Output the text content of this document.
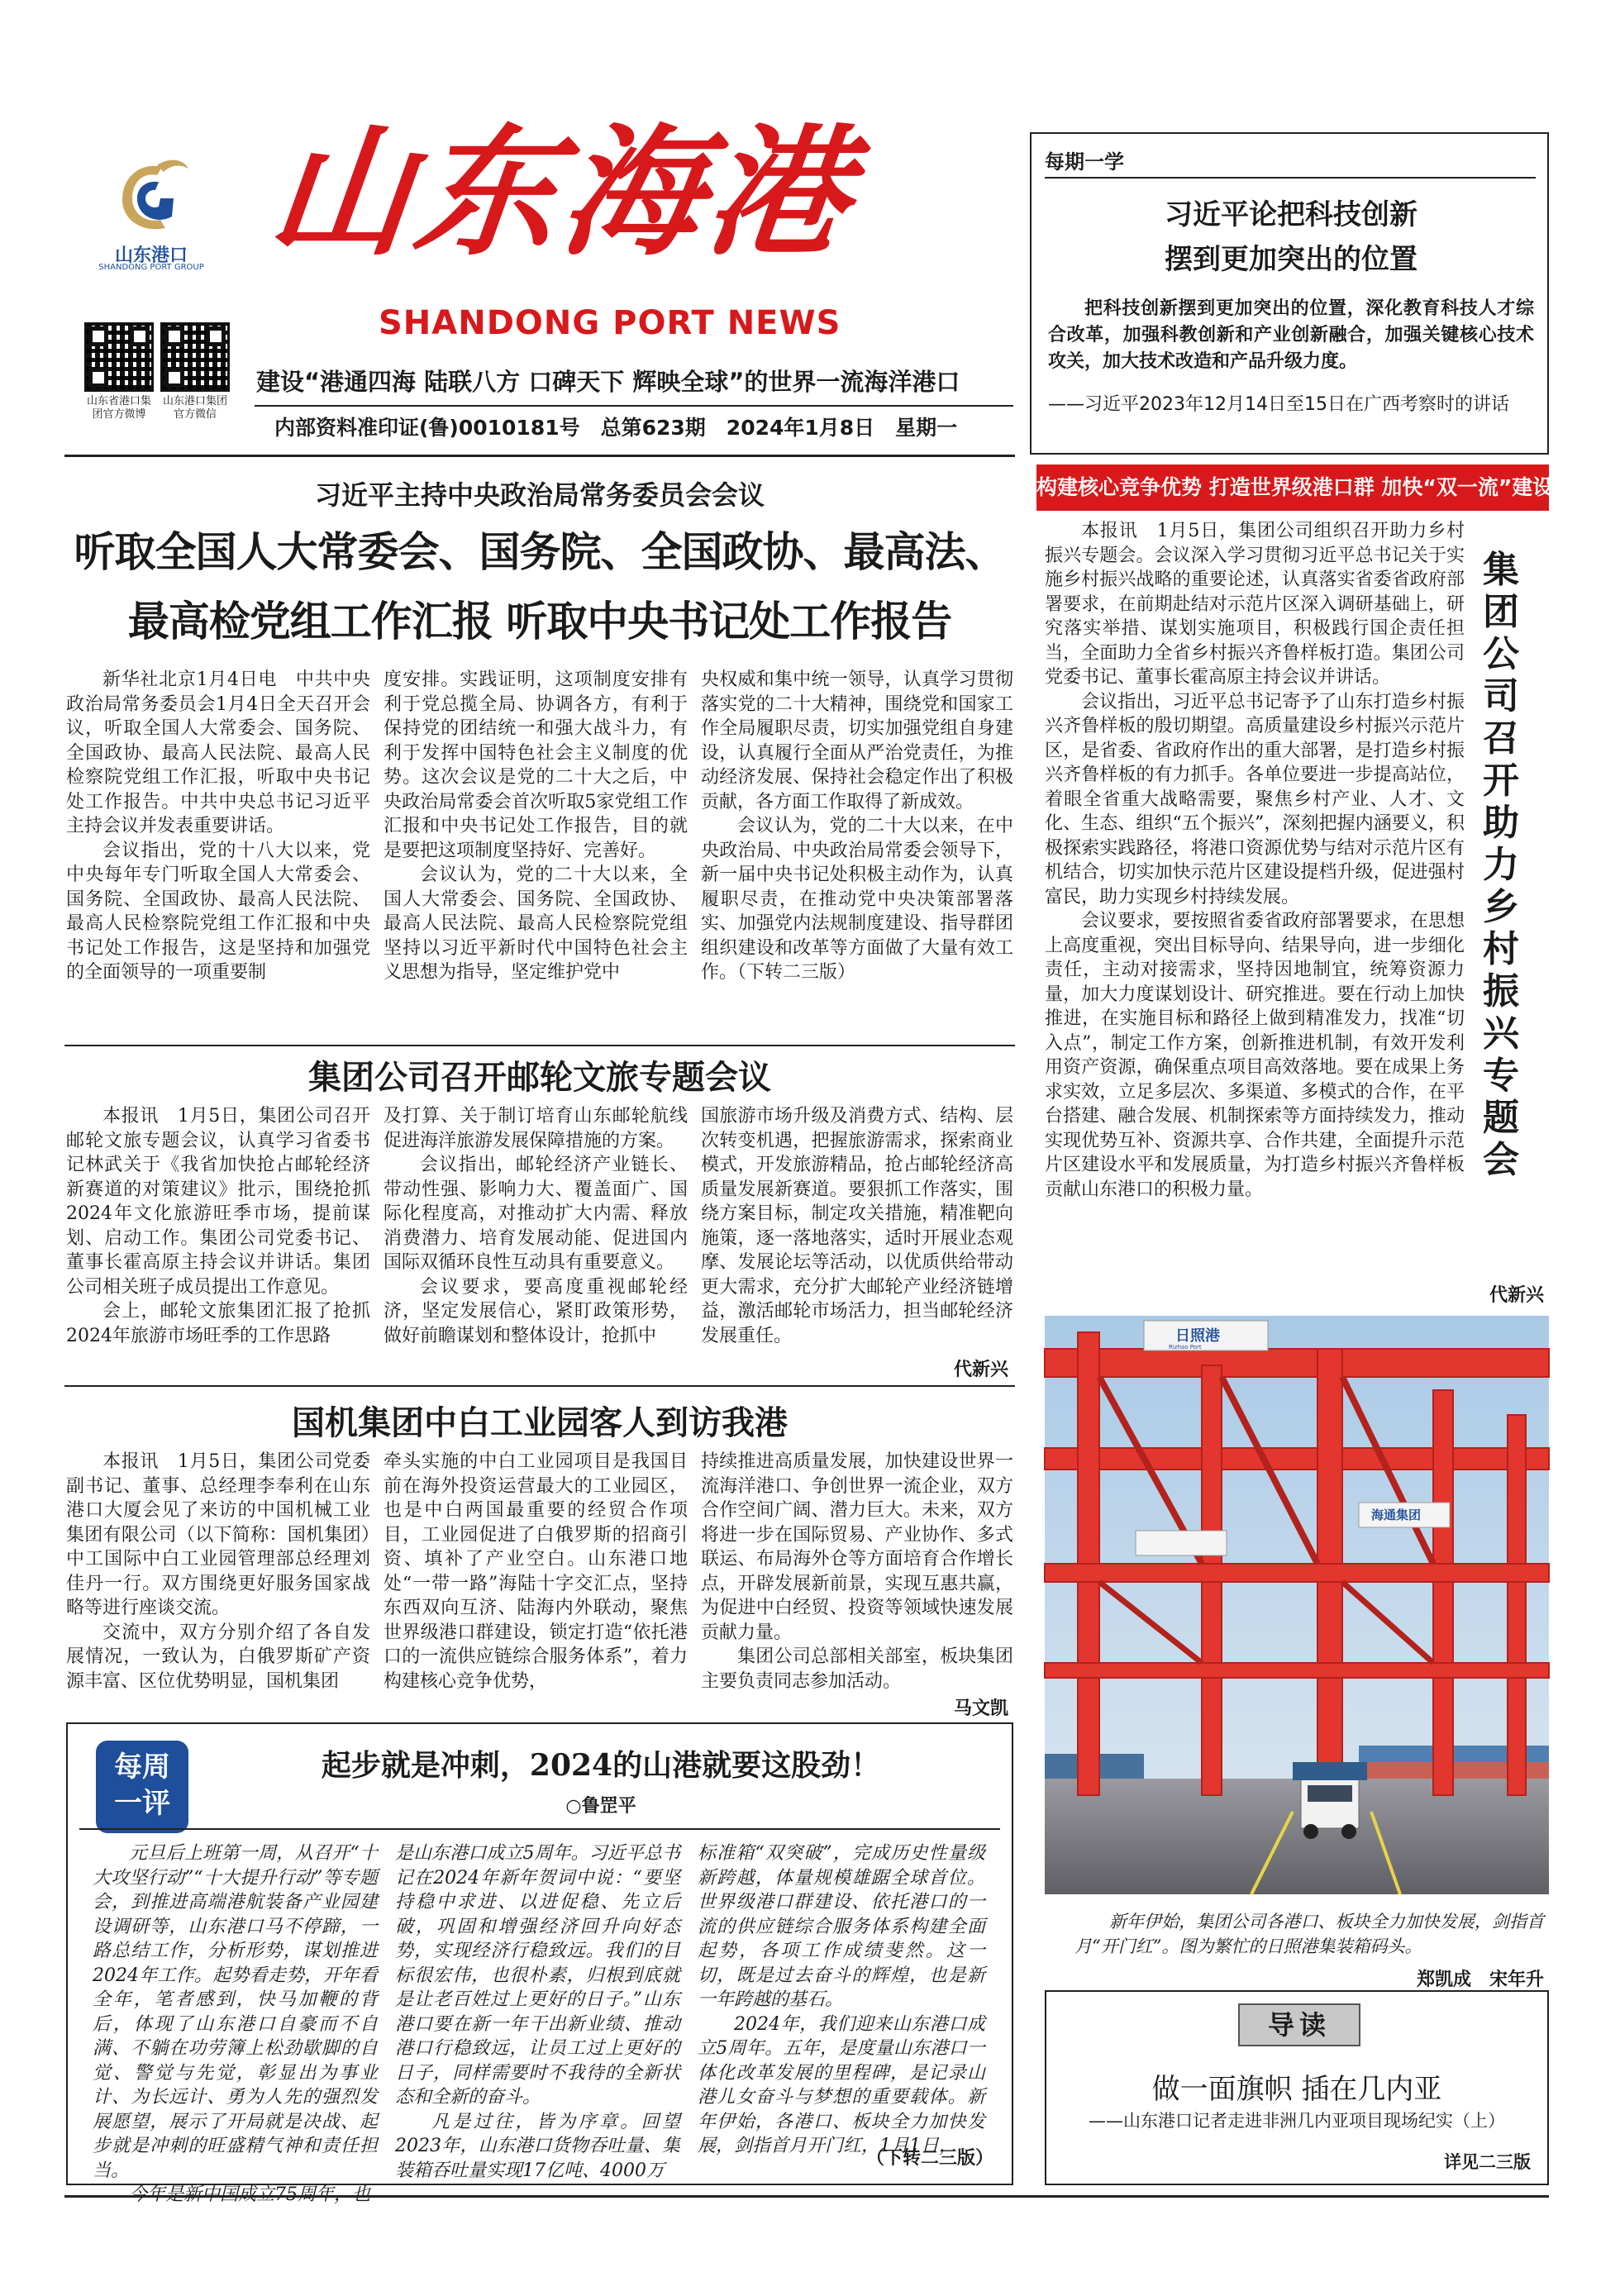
山东港口
SHANDONG PORT GROUP 山东海港
SHANDONG PORT NEWS
山东省港口集团官方微博
山东港口集团官方微信
建设“港通四海 陆联八方 口碑天下 辉映全球”的世界一流海洋港口
内部资料准印证(鲁)0010181号　总第623期　2024年1月8日　星期一
每期一学
习近平论把科技创新
摆到更加突出的位置

把科技创新摆到更加突出的位置，深化教育科技人才综合改革，加强科教创新和产业创新融合，加强关键核心技术攻关，加大技术改造和产品升级力度。

——习近平2023年12月14日至15日在广西考察时的讲话

构建核心竞争优势 打造世界级港口群 加快“双一流”建设
习近平主持中央政治局常务委员会会议
听取全国人大常委会、国务院、全国政协、最高法、
最高检党组工作汇报 听取中央书记处工作报告

新华社北京1月4日电　中共中央政治局常务委员会1月4日全天召开会议，听取全国人大常委会、国务院、全国政协、最高人民法院、最高人民检察院党组工作汇报，听取中央书记处工作报告。中共中央总书记习近平主持会议并发表重要讲话。

会议指出，党的十八大以来，党中央每年专门听取全国人大常委会、国务院、全国政协、最高人民法院、最高人民检察院党组工作汇报和中央书记处工作报告，这是坚持和加强党的全面领导的一项重要制

度安排。实践证明，这项制度安排有利于党总揽全局、协调各方，有利于保持党的团结统一和强大战斗力，有利于发挥中国特色社会主义制度的优势。这次会议是党的二十大之后，中央政治局常委会首次听取5家党组工作汇报和中央书记处工作报告，目的就是要把这项制度坚持好、完善好。

会议认为，党的二十大以来，全国人大常委会、国务院、全国政协、最高人民法院、最高人民检察院党组坚持以习近平新时代中国特色社会主义思想为指导，坚定维护党中

央权威和集中统一领导，认真学习贯彻落实党的二十大精神，围绕党和国家工作全局履职尽责，切实加强党组自身建设，认真履行全面从严治党责任，为推动经济发展、保持社会稳定作出了积极贡献，各方面工作取得了新成效。

会议认为，党的二十大以来，在中央政治局、中央政治局常委会领导下，新一届中央书记处积极主动作为，认真履职尽责，在推动党中央决策部署落实、加强党内法规制度建设、指导群团组织建设和改革等方面做了大量有效工作。（下转二三版）

集团公司召开邮轮文旅专题会议

本报讯　1月5日，集团公司召开邮轮文旅专题会议，认真学习省委书记林武关于《我省加快抢占邮轮经济新赛道的对策建议》批示，围绕抢抓2024年文化旅游旺季市场，提前谋划、启动工作。集团公司党委书记、董事长霍高原主持会议并讲话。集团公司相关班子成员提出工作意见。

会上，邮轮文旅集团汇报了抢抓2024年旅游市场旺季的工作思路

及打算、关于制订培育山东邮轮航线促进海洋旅游发展保障措施的方案。

会议指出，邮轮经济产业链长、带动性强、影响力大、覆盖面广、国际化程度高，对推动扩大内需、释放消费潜力、培育发展动能、促进国内国际双循环良性互动具有重要意义。

会议要求，要高度重视邮轮经济，坚定发展信心，紧盯政策形势，做好前瞻谋划和整体设计，抢抓中

国旅游市场升级及消费方式、结构、层次转变机遇，把握旅游需求，探索商业模式，开发旅游精品，抢占邮轮经济高质量发展新赛道。要狠抓工作落实，围绕方案目标，制定攻关措施，精准靶向施策，逐一落地落实，适时开展业态观摩、发展论坛等活动，以优质供给带动更大需求，充分扩大邮轮产业经济链增益，激活邮轮市场活力，担当邮轮经济发展重任。

代新兴
国机集团中白工业园客人到访我港

本报讯　1月5日，集团公司党委副书记、董事、总经理李奉利在山东港口大厦会见了来访的中国机械工业集团有限公司（以下简称：国机集团）中工国际中白工业园管理部总经理刘佳丹一行。双方围绕更好服务国家战略等进行座谈交流。

交流中，双方分别介绍了各自发展情况，一致认为，白俄罗斯矿产资源丰富、区位优势明显，国机集团

牵头实施的中白工业园项目是我国目前在海外投资运营最大的工业园区，也是中白两国最重要的经贸合作项目，工业园促进了白俄罗斯的招商引资、填补了产业空白。山东港口地处“一带一路”海陆十字交汇点，坚持东西双向互济、陆海内外联动，聚焦世界级港口群建设，锁定打造“依托港口的一流供应链综合服务体系”，着力构建核心竞争优势，

持续推进高质量发展，加快建设世界一流海洋港口、争创世界一流企业，双方合作空间广阔、潜力巨大。未来，双方将进一步在国际贸易、产业协作、多式联运、布局海外仓等方面培育合作增长点，开辟发展新前景，实现互惠共赢，为促进中白经贸、投资等领域快速发展贡献力量。

集团公司总部相关部室，板块集团主要负责同志参加活动。

马文凯
每周
一评
起步就是冲刺，2024的山港就要这股劲！
○鲁罡平

元旦后上班第一周，从召开“十大攻坚行动”“十大提升行动”等专题会，到推进高端港航装备产业园建设调研等，山东港口马不停蹄，一路总结工作，分析形势，谋划推进2024年工作。起势看走势，开年看全年，笔者感到，快马加鞭的背后，体现了山东港口自豪而不自满、不躺在功劳簿上松劲歇脚的自觉、警觉与先觉，彰显出为事业计、为长远计、勇为人先的强烈发展愿望，展示了开局就是决战、起步就是冲刺的旺盛精气神和责任担当。

是山东港口成立5周年。习近平总书记在2024年新年贺词中说：“要坚持稳中求进、以进促稳、先立后破，巩固和增强经济回升向好态势，实现经济行稳致远。我们的目标很宏伟，也很朴素，归根到底就是让老百姓过上更好的日子。”山东港口要在新一年干出新业绩、推动港口行稳致远，让员工过上更好的日子，同样需要时不我待的全新状态和全新的奋斗。

凡是过往，皆为序章。回望2023年，山东港口货物吞吐量、集装箱吞吐量实现17亿吨、4000万

标准箱“双突破”，完成历史性量级新跨越，体量规模雄踞全球首位。世界级港口群建设、依托港口的一流的供应链综合服务体系构建全面起势，各项工作成绩斐然。这一切，既是过去奋斗的辉煌，也是新一年跨越的基石。

2024年，我们迎来山东港口成立5周年。五年，是度量山东港口一体化改革发展的里程碑，是记录山港儿女奋斗与梦想的重要载体。新年伊始，各港口、板块全力加快发展，剑指首月开门红，1月1日，

（下转二三版）
集团公司召开助力乡村振兴专题会

本报讯　1月5日，集团公司组织召开助力乡村振兴专题会。会议深入学习贯彻习近平总书记关于实施乡村振兴战略的重要论述，认真落实省委省政府部署要求，在前期赴结对示范片区深入调研基础上，研究落实举措、谋划实施项目，积极践行国企责任担当，全面助力全省乡村振兴齐鲁样板打造。集团公司党委书记、董事长霍高原主持会议并讲话。

会议指出，习近平总书记寄予了山东打造乡村振兴齐鲁样板的殷切期望。高质量建设乡村振兴示范片区，是省委、省政府作出的重大部署，是打造乡村振兴齐鲁样板的有力抓手。各单位要进一步提高站位，着眼全省重大战略需要，聚焦乡村产业、人才、文化、生态、组织“五个振兴”，深刻把握内涵要义，积极探索实践路径，将港口资源优势与结对示范片区有机结合，切实加快示范片区建设提档升级，促进强村富民，助力实现乡村持续发展。

会议要求，要按照省委省政府部署要求，在思想上高度重视，突出目标导向、结果导向，进一步细化责任，主动对接需求，坚持因地制宜，统筹资源力量，加大力度谋划设计、研究推进。要在行动上加快推进，在实施目标和路径上做到精准发力，找准“切入点”，制定工作方案，创新推进机制，有效开发利用资产资源，确保重点项目高效落地。要在成果上务求实效，立足多层次、多渠道、多模式的合作，在平台搭建、融合发展、机制探索等方面持续发力，推动实现优势互补、资源共享、合作共建，全面提升示范片区建设水平和发展质量，为打造乡村振兴齐鲁样板贡献山东港口的积极力量。

代新兴
日照港
Rizhao Port
海通集团

新年伊始，集团公司各港口、板块全力加快发展，剑指首月“开门红”。图为繁忙的日照港集装箱码头。

郑凯成　宋年升
导读
做一面旗帜 插在几内亚
——山东港口记者走进非洲几内亚项目现场纪实（上）
详见二三版
